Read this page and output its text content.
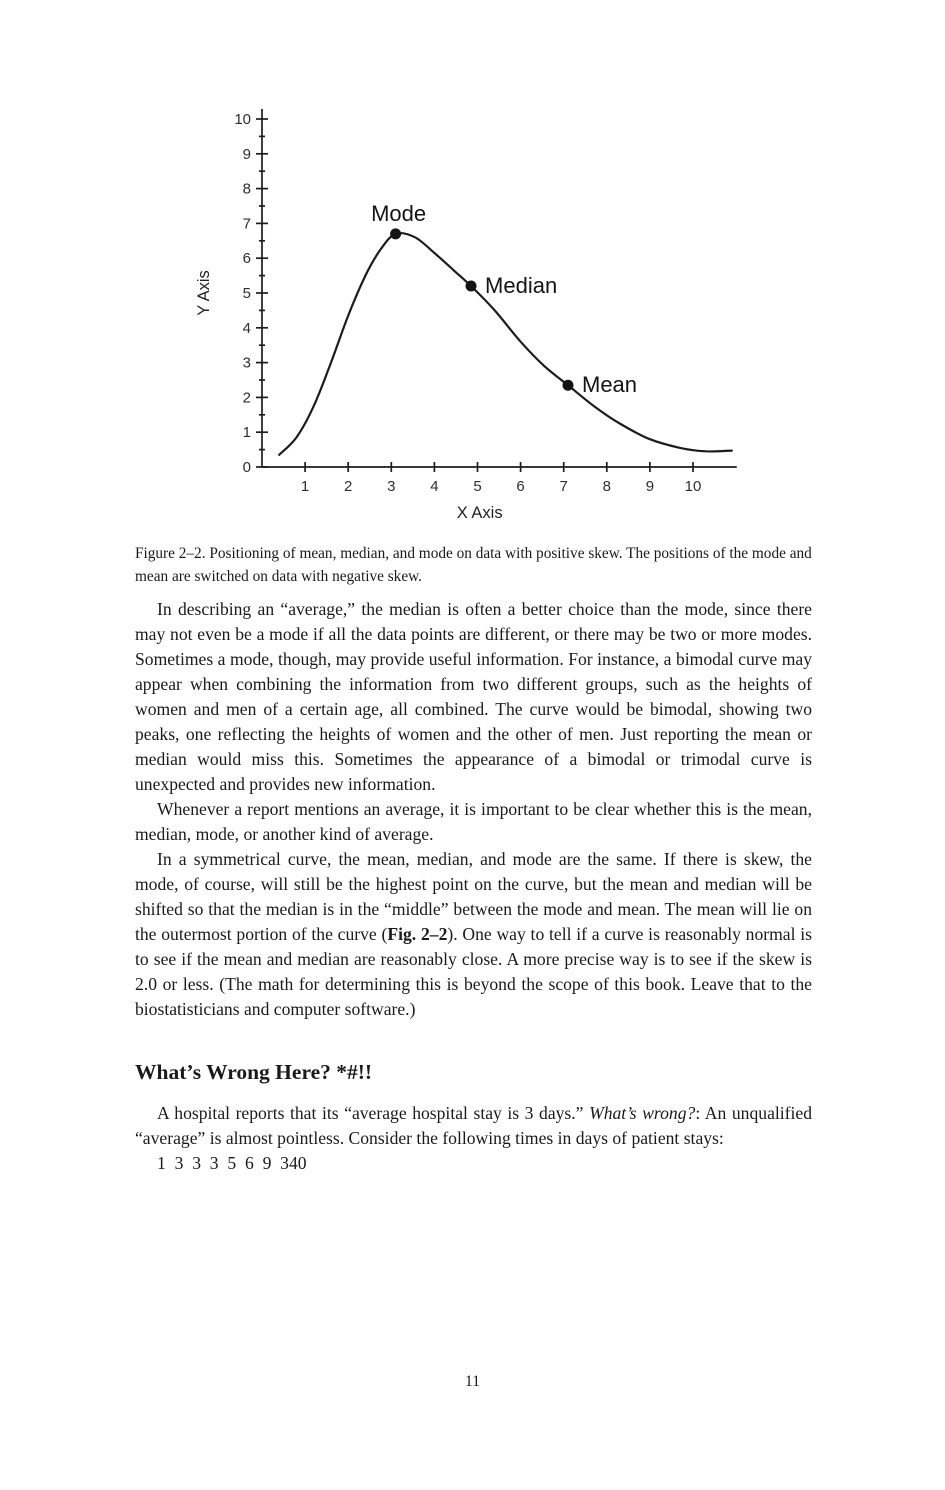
0
1
2
3
4
5
6
7
8
9
10
1 2 3 4 5 6 7 8 9 10
Mode
Median
Mean
Y Axis
X Axis
Figure 2–2. Positioning of mean, median, and mode on data with positive skew. The positions of the mode and mean are switched on data with negative skew.

In describing an “average,” the median is often a better choice than the mode, since there may not even be a mode if all the data points are different, or there may be two or more modes. Sometimes a mode, though, may provide useful information. For instance, a bimodal curve may appear when combining the information from two different groups, such as the heights of women and men of a certain age, all combined. The curve would be bimodal, showing two peaks, one reflecting the heights of women and the other of men. Just reporting the mean or median would miss this. Sometimes the appearance of a bimodal or trimodal curve is unexpected and provides new information.

Whenever a report mentions an average, it is important to be clear whether this is the mean, median, mode, or another kind of average.

In a symmetrical curve, the mean, median, and mode are the same. If there is skew, the mode, of course, will still be the highest point on the curve, but the mean and median will be shifted so that the median is in the “middle” between the mode and mean. The mean will lie on the outermost portion of the curve (Fig. 2–2). One way to tell if a curve is reasonably normal is to see if the mean and median are reasonably close. A more precise way is to see if the skew is 2.0 or less. (The math for determining this is beyond the scope of this book. Leave that to the biostatisticians and computer software.)

What’s Wrong Here? *#!!

A hospital reports that its “average hospital stay is 3 days.” What’s wrong?: An unqualified “average” is almost pointless. Consider the following times in days of patient stays:

1  3  3  3  5  6  9  340

11
